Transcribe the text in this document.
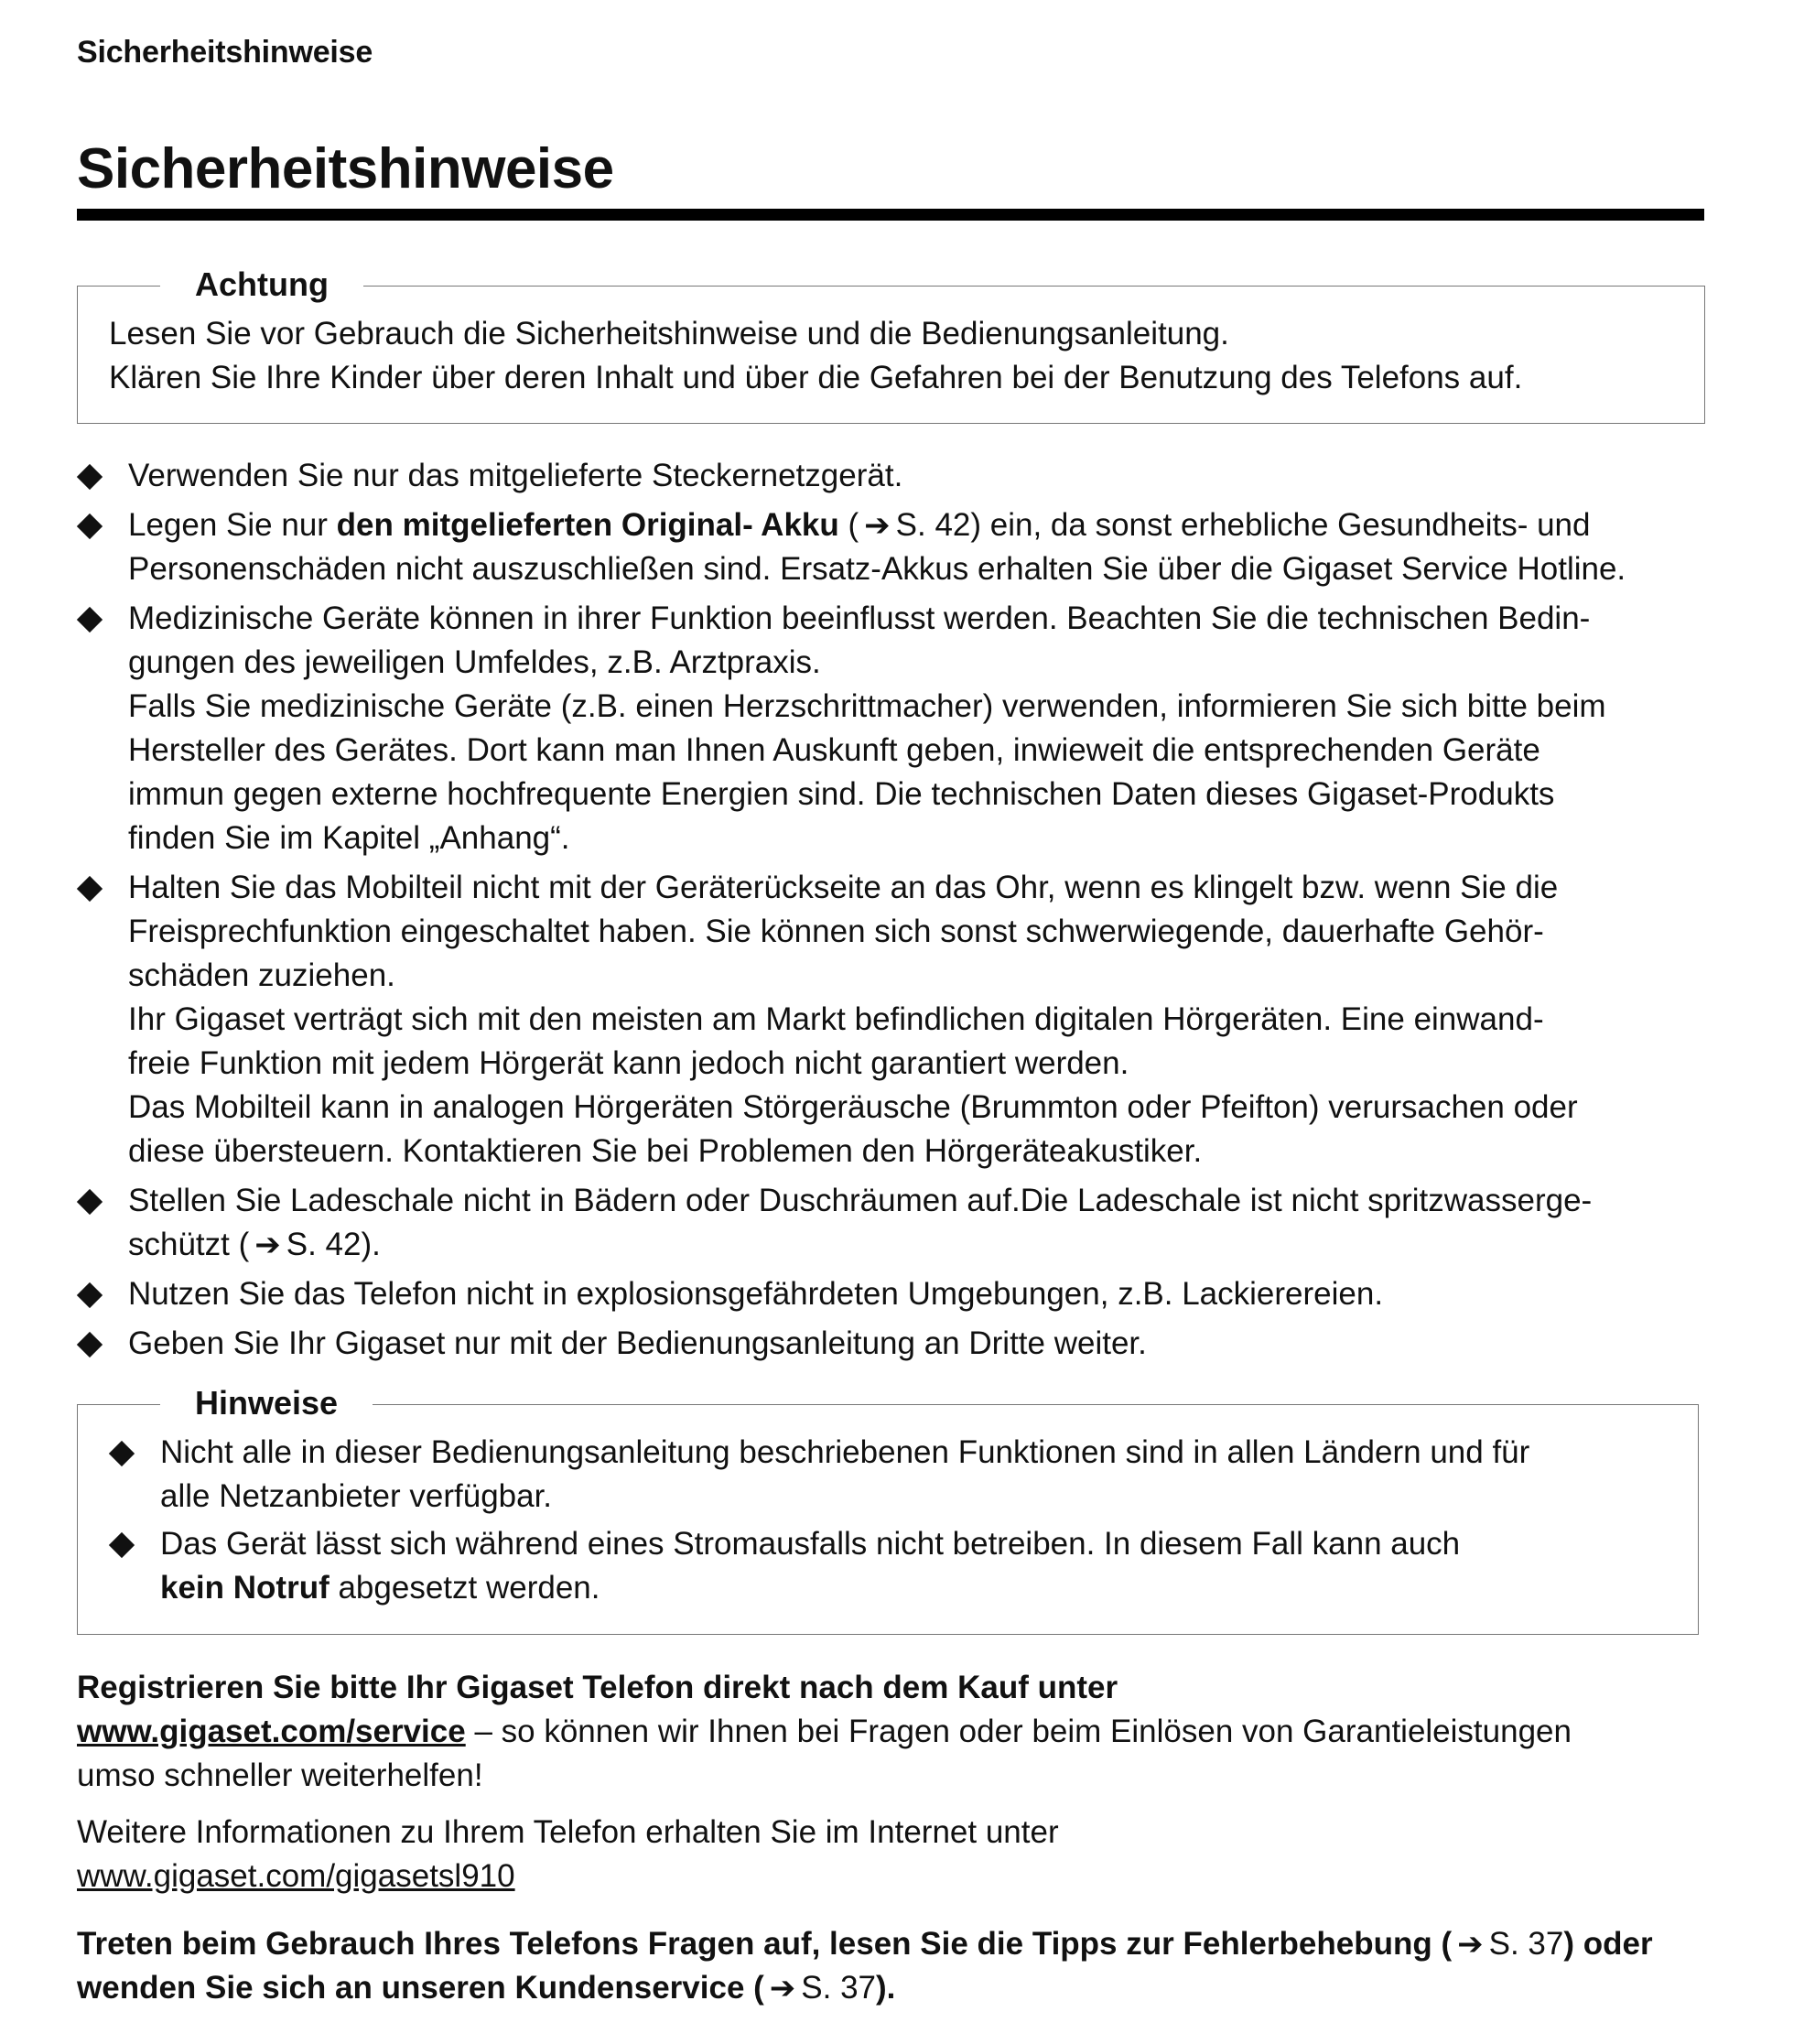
Sicherheitshinweise
Sicherheitshinweise
Achtung
Lesen Sie vor Gebrauch die Sicherheitshinweise und die Bedienungsanleitung.
Klären Sie Ihre Kinder über deren Inhalt und über die Gefahren bei der Benutzung des Telefons auf.
Verwenden Sie nur das mitgelieferte Steckernetzgerät.
Legen Sie nur den mitgelieferten Original- Akku ( ➔ S. 42) ein, da sonst erhebliche Gesundheits- und
Personenschäden nicht auszuschließen sind. Ersatz-Akkus erhalten Sie über die Gigaset Service Hotline.
Medizinische Geräte können in ihrer Funktion beeinflusst werden. Beachten Sie die technischen Bedin-
gungen des jeweiligen Umfeldes, z.B. Arztpraxis.
Falls Sie medizinische Geräte (z.B. einen Herzschrittmacher) verwenden, informieren Sie sich bitte beim
Hersteller des Gerätes. Dort kann man Ihnen Auskunft geben, inwieweit die entsprechenden Geräte
immun gegen externe hochfrequente Energien sind. Die technischen Daten dieses Gigaset-Produkts
finden Sie im Kapitel „Anhang“.
Halten Sie das Mobilteil nicht mit der Geräterückseite an das Ohr, wenn es klingelt bzw. wenn Sie die
Freisprechfunktion eingeschaltet haben. Sie können sich sonst schwerwiegende, dauerhafte Gehör-
schäden zuziehen.
Ihr Gigaset verträgt sich mit den meisten am Markt befindlichen digitalen Hörgeräten. Eine einwand-
freie Funktion mit jedem Hörgerät kann jedoch nicht garantiert werden.
Das Mobilteil kann in analogen Hörgeräten Störgeräusche (Brummton oder Pfeifton) verursachen oder
diese übersteuern. Kontaktieren Sie bei Problemen den Hörgeräteakustiker.
Stellen Sie Ladeschale nicht in Bädern oder Duschräumen auf.Die Ladeschale ist nicht spritzwasserge-
schützt ( ➔ S. 42).
Nutzen Sie das Telefon nicht in explosionsgefährdeten Umgebungen, z.B. Lackierereien.
Geben Sie Ihr Gigaset nur mit der Bedienungsanleitung an Dritte weiter.
Hinweise
Nicht alle in dieser Bedienungsanleitung beschriebenen Funktionen sind in allen Ländern und für
alle Netzanbieter verfügbar.
Das Gerät lässt sich während eines Stromausfalls nicht betreiben. In diesem Fall kann auch
kein Notruf abgesetzt werden.
Registrieren Sie bitte Ihr Gigaset Telefon direkt nach dem Kauf unter
www.gigaset.com/service – so können wir Ihnen bei Fragen oder beim Einlösen von Garantieleistungen
umso schneller weiterhelfen!
Weitere Informationen zu Ihrem Telefon erhalten Sie im Internet unter
www.gigaset.com/gigasetsl910
Treten beim Gebrauch Ihres Telefons Fragen auf, lesen Sie die Tipps zur Fehlerbehebung ( ➔ S. 37) oder
wenden Sie sich an unseren Kundenservice ( ➔ S. 37).
